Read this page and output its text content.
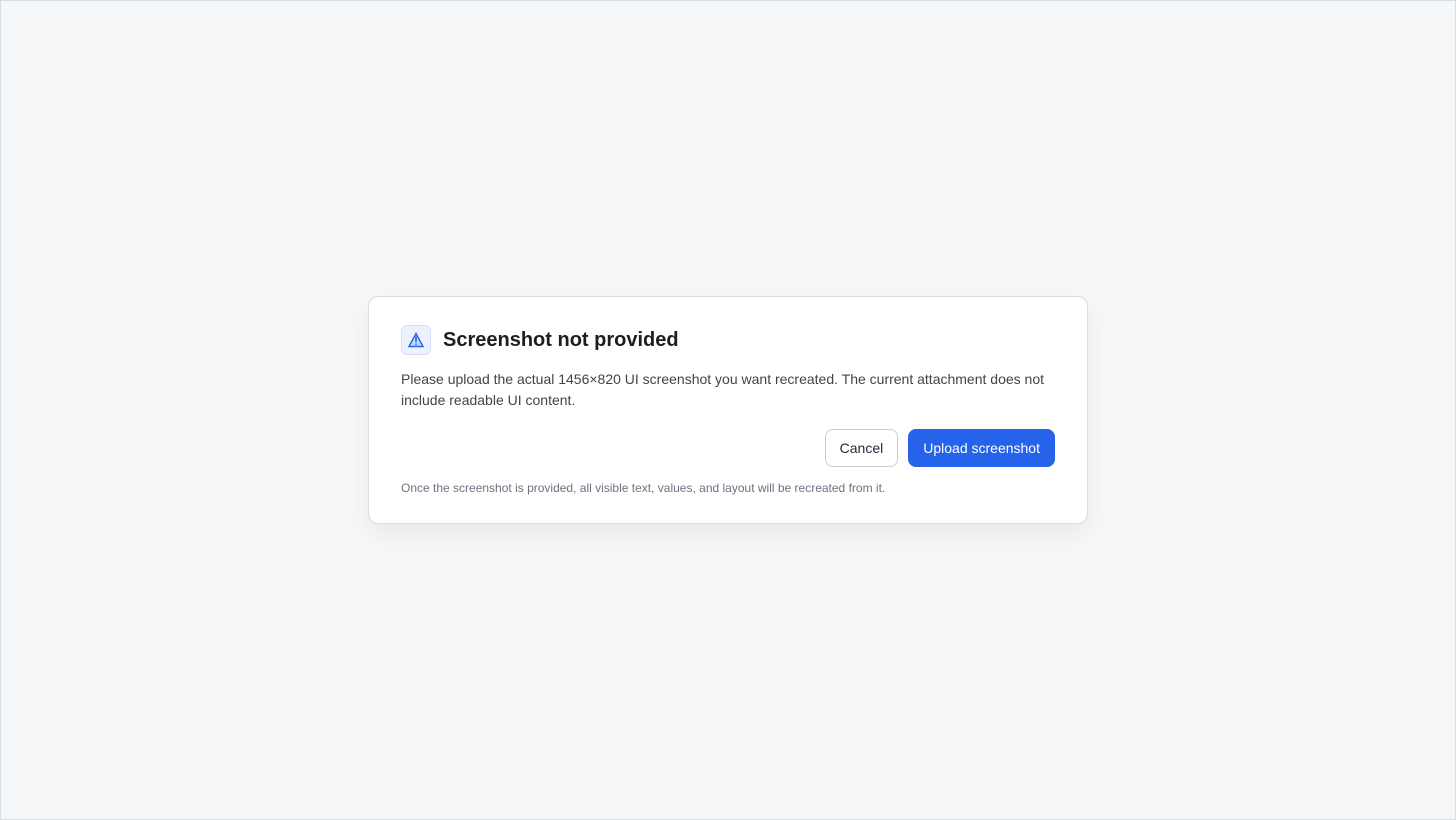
Screenshot not provided

Please upload the actual 1456×820 UI screenshot you want recreated. The current attachment does not include readable UI content.

Cancel	Upload screenshot
Once the screenshot is provided, all visible text, values, and layout will be recreated from it.
